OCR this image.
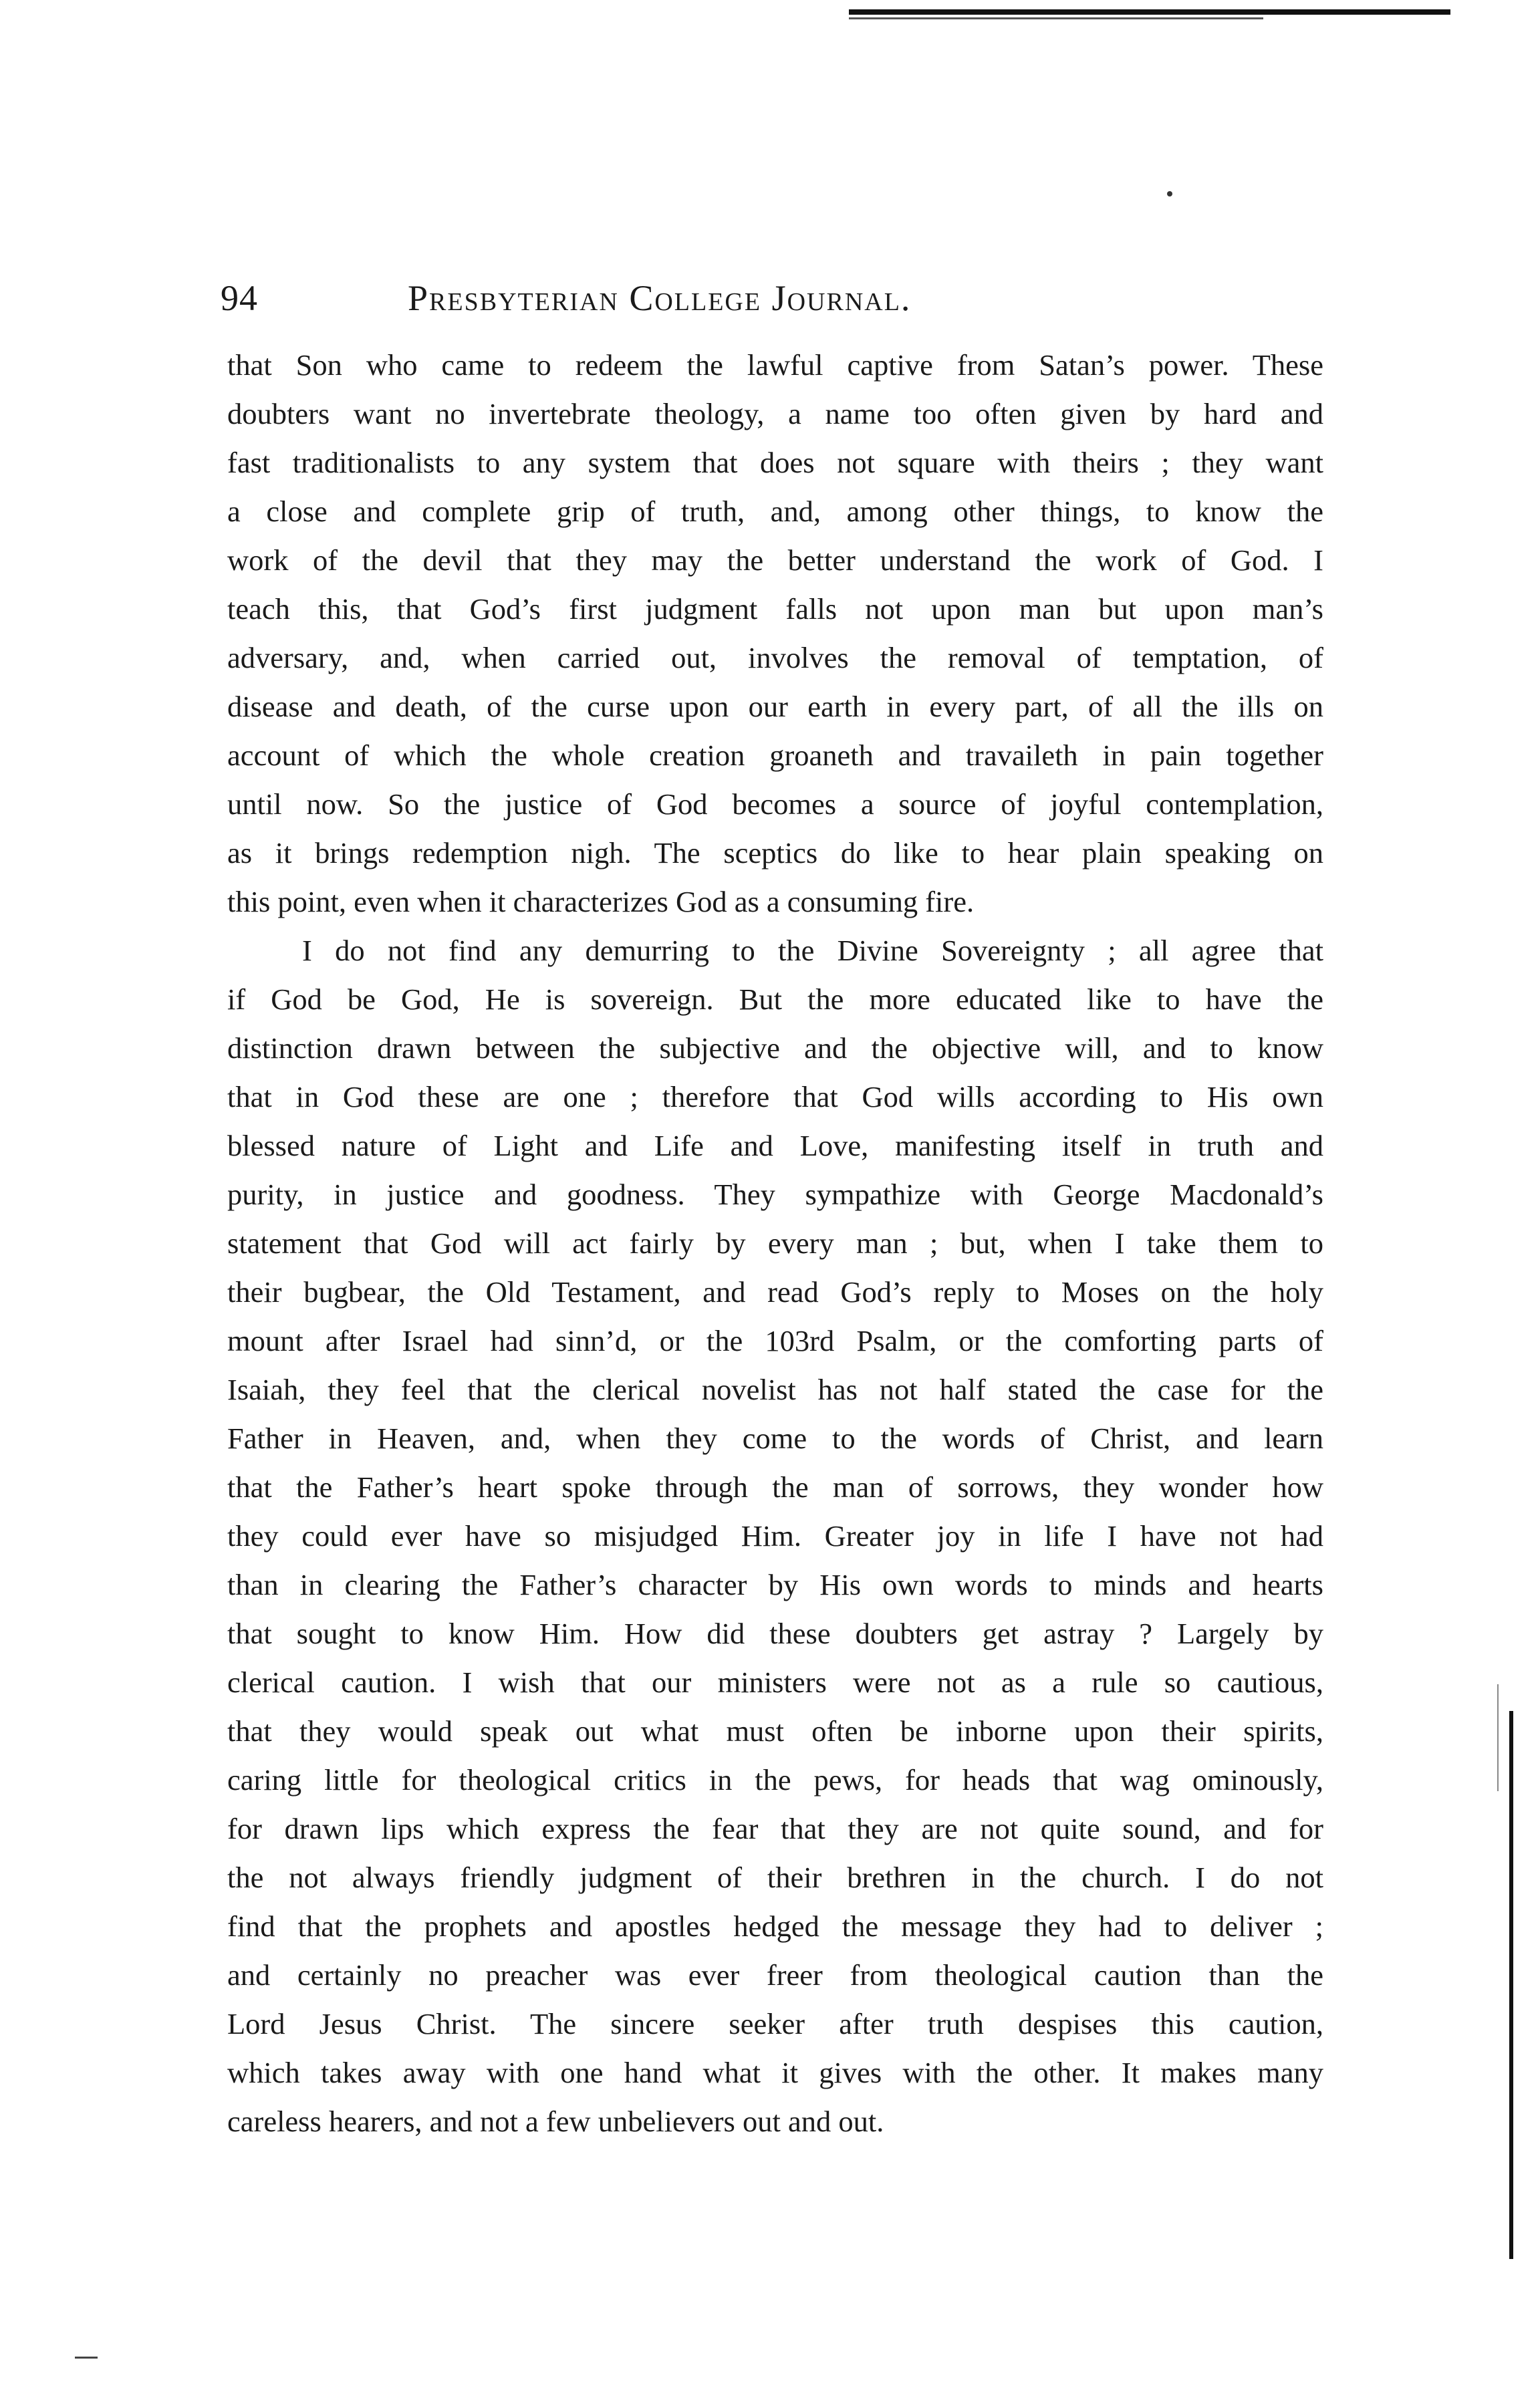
94	Presbyterian College Journal.
that Son who came to redeem the lawful captive from Satan’s power. These
doubters want no invertebrate theology, a name too often given by hard and
fast traditionalists to any system that does not square with theirs ; they want
a close and complete grip of truth, and, among other things, to know the
work of the devil that they may the better understand the work of God. I
teach this, that God’s first judgment falls not upon man but upon man’s
adversary, and, when carried out, involves the removal of temptation, of
disease and death, of the curse upon our earth in every part, of all the ills on
account of which the whole creation groaneth and travaileth in pain together
until now. So the justice of God becomes a source of joyful contemplation,
as it brings redemption nigh. The sceptics do like to hear plain speaking on
this point, even when it characterizes God as a consuming fire.
I do not find any demurring to the Divine Sovereignty ; all agree that
if God be God, He is sovereign. But the more educated like to have the
distinction drawn between the subjective and the objective will, and to know
that in God these are one ; therefore that God wills according to His own
blessed nature of Light and Life and Love, manifesting itself in truth and
purity, in justice and goodness. They sympathize with George Macdonald’s
statement that God will act fairly by every man ; but, when I take them to
their bugbear, the Old Testament, and read God’s reply to Moses on the holy
mount after Israel had sinn’d, or the 103rd Psalm, or the comforting parts of
Isaiah, they feel that the clerical novelist has not half stated the case for the
Father in Heaven, and, when they come to the words of Christ, and learn
that the Father’s heart spoke through the man of sorrows, they wonder how
they could ever have so misjudged Him. Greater joy in life I have not had
than in clearing the Father’s character by His own words to minds and hearts
that sought to know Him. How did these doubters get astray ? Largely by
clerical caution. I wish that our ministers were not as a rule so cautious,
that they would speak out what must often be inborne upon their spirits,
caring little for theological critics in the pews, for heads that wag ominously,
for drawn lips which express the fear that they are not quite sound, and for
the not always friendly judgment of their brethren in the church. I do not
find that the prophets and apostles hedged the message they had to deliver ;
and certainly no preacher was ever freer from theological caution than the
Lord Jesus Christ. The sincere seeker after truth despises this caution,
which takes away with one hand what it gives with the other. It makes many
careless hearers, and not a few unbelievers out and out.
